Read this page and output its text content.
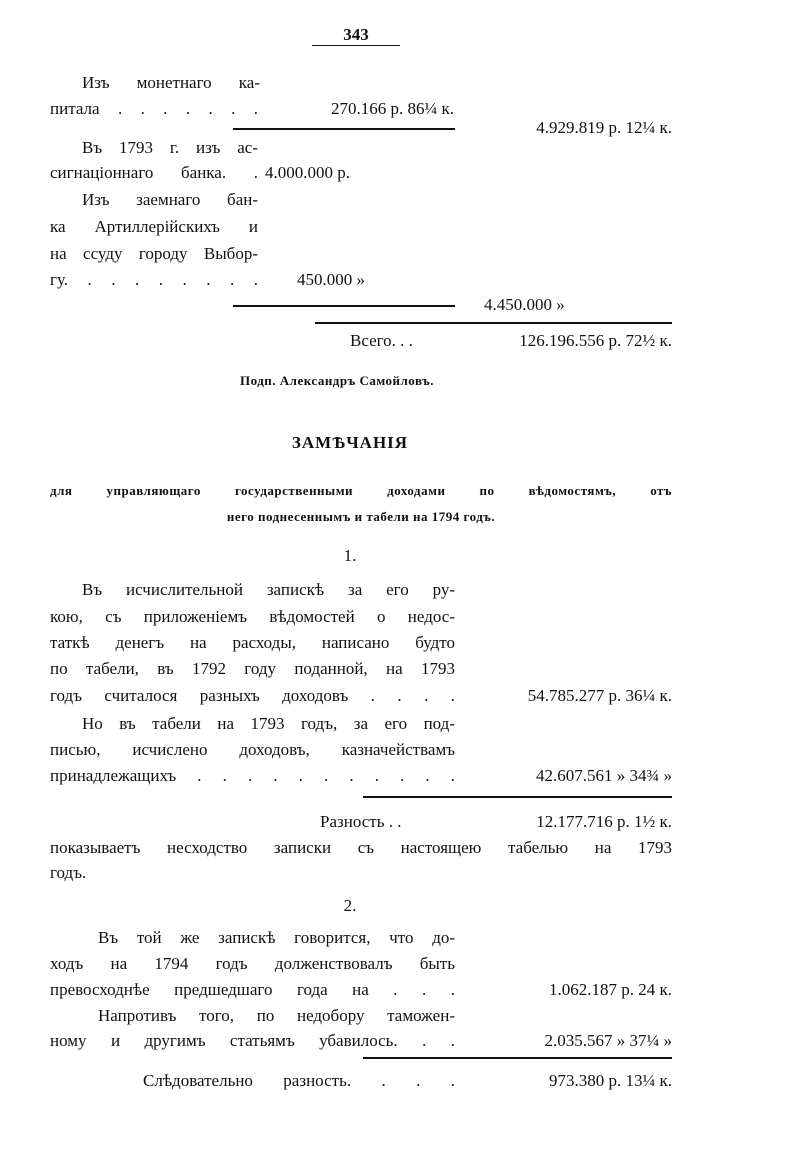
343
Изъ монетнаго ка-
питала . . . . . . .	270.166 р. 86¼ к.
4.929.819 р. 12¼ к.
Въ 1793 г. изъ ас-
сигнаціоннаго банка. . 4.000.000 р.
Изъ заемнаго бан-
ка Артиллерійскихъ и
на ссуду городу Выбор-
гу. . . . . . . . . 450.000 »
4.450.000 »
Всего. . .	126.196.556 р. 72½ к.
Подп. Александръ Самойловъ.
ЗАМѢЧАНІЯ
для управляющаго государственными доходами по вѣдомостямъ, отъ
него поднесеннымъ и табели на 1794 годъ.
1.
Въ исчислительной запискѣ за его ру-
кою, съ приложеніемъ вѣдомостей о недос-
таткѣ денегъ на расходы, написано будто
по табели, въ 1792 году поданной, на 1793
годъ считалося разныхъ доходовъ . . . .	54.785.277 р. 36¼ к.
Но въ табели на 1793 годъ, за его под-
писью, исчислено доходовъ, казначействамъ
принадлежащихъ . . . . . . . . . . .	42.607.561 » 34¾ »
Разность . .	12.177.716 р. 1½ к.
показываетъ несходство записки съ настоящею табелью на 1793
годъ.
2.
Въ той же запискѣ говорится, что до-
ходъ на 1794 годъ долженствовалъ быть
превосходнѣе предшедшаго года на . . .	1.062.187 р. 24 к.
Напротивъ того, по недобору таможен-
ному и другимъ статьямъ убавилось. . .	2.035.567 » 37¼ »
Слѣдовательно разность. . . .	973.380 р. 13¼ к.
